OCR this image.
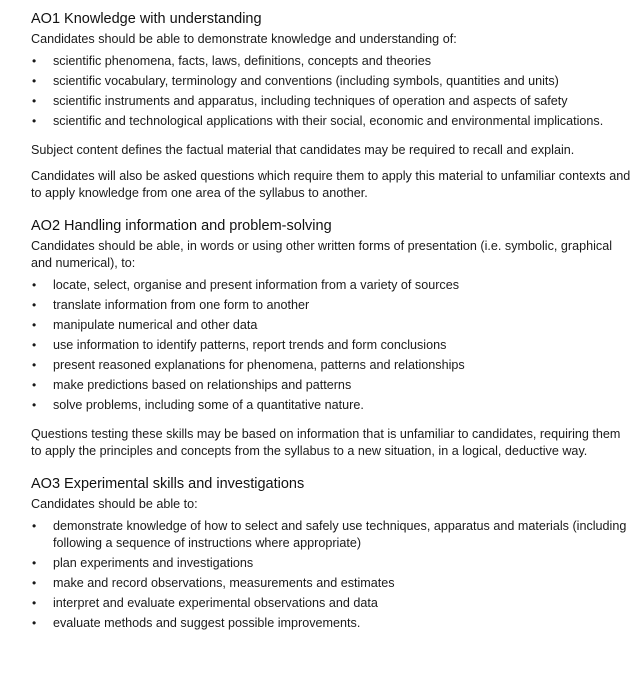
AO1 Knowledge with understanding

Candidates should be able to demonstrate knowledge and understanding of:

• scientific phenomena, facts, laws, definitions, concepts and theories
• scientific vocabulary, terminology and conventions (including symbols, quantities and units)
• scientific instruments and apparatus, including techniques of operation and aspects of safety
• scientific and technological applications with their social, economic and environmental implications.

Subject content defines the factual material that candidates may be required to recall and explain.

Candidates will also be asked questions which require them to apply this material to unfamiliar contexts and to apply knowledge from one area of the syllabus to another.

AO2 Handling information and problem-solving

Candidates should be able, in words or using other written forms of presentation (i.e. symbolic, graphical and numerical), to:

• locate, select, organise and present information from a variety of sources
• translate information from one form to another
• manipulate numerical and other data
• use information to identify patterns, report trends and form conclusions
• present reasoned explanations for phenomena, patterns and relationships
• make predictions based on relationships and patterns
• solve problems, including some of a quantitative nature.

Questions testing these skills may be based on information that is unfamiliar to candidates, requiring them to apply the principles and concepts from the syllabus to a new situation, in a logical, deductive way.

AO3 Experimental skills and investigations

Candidates should be able to:

• demonstrate knowledge of how to select and safely use techniques, apparatus and materials (including following a sequence of instructions where appropriate)
• plan experiments and investigations
• make and record observations, measurements and estimates
• interpret and evaluate experimental observations and data
• evaluate methods and suggest possible improvements.
